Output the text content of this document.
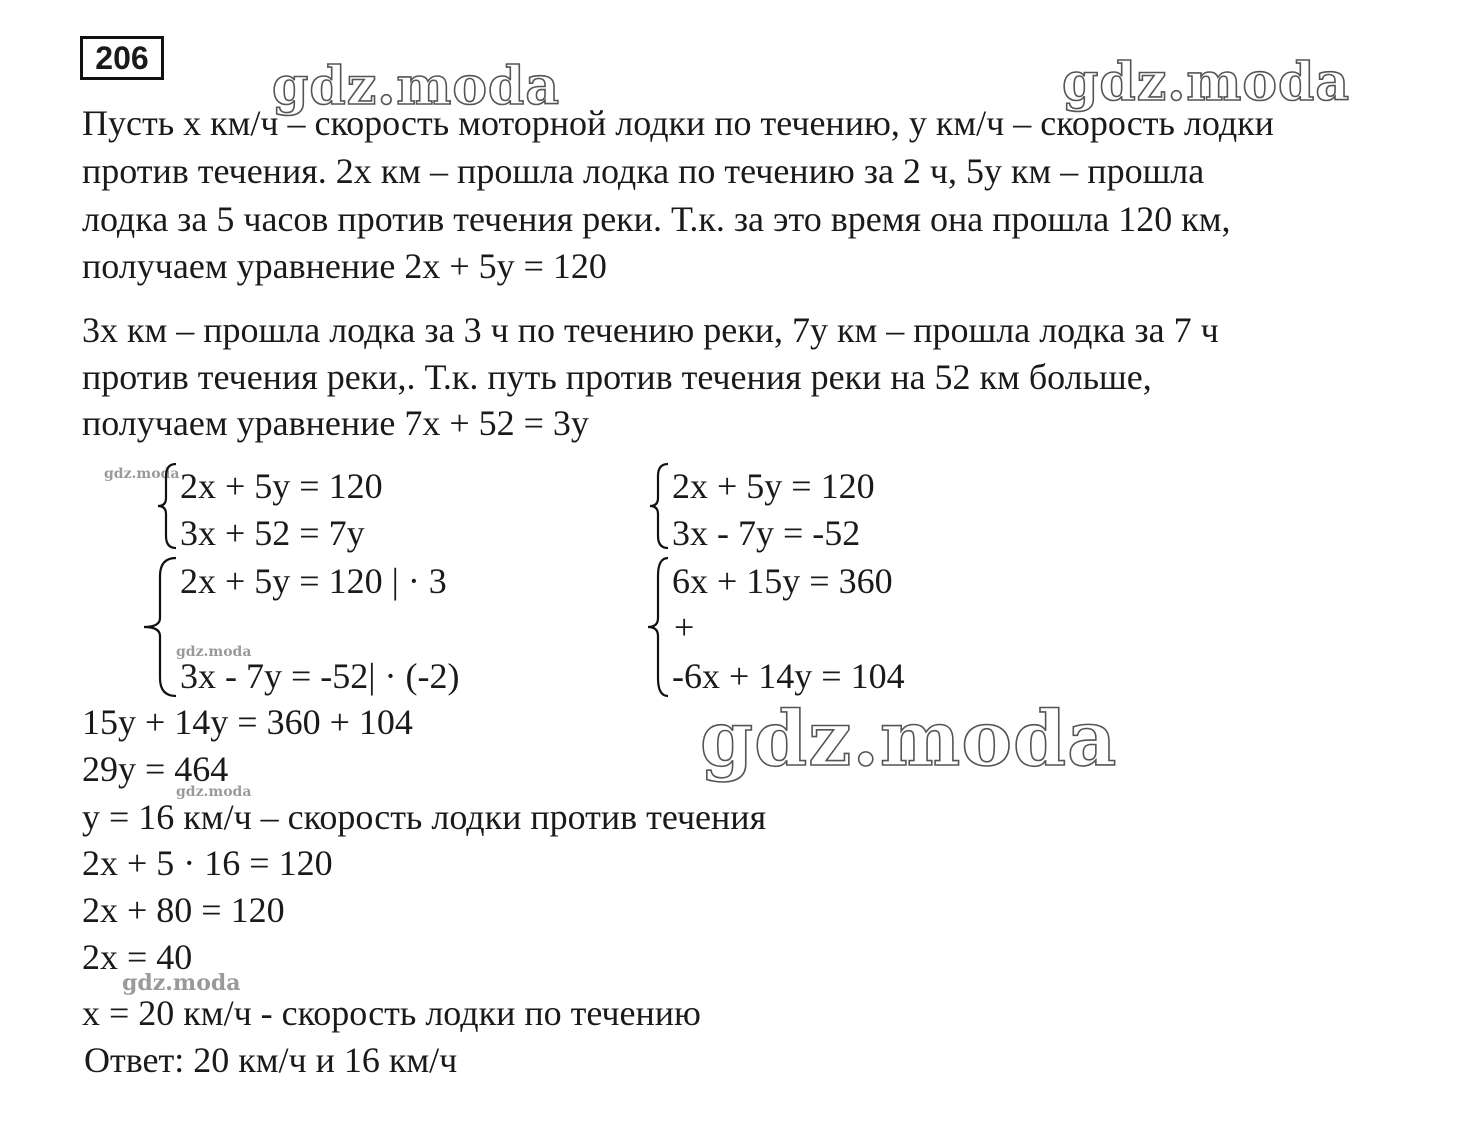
206 gdz.moda	gdz.moda
gdz.moda
gdz.moda
gdz.moda
gdz.moda
gdz.moda
Пусть х км/ч – скорость моторной лодки по течению, у км/ч – скорость лодки
против течения. 2х км – прошла лодка по течению за 2 ч, 5у км – прошла
лодка за 5 часов против течения реки. Т.к. за это время она прошла 120 км,
получаем уравнение 2х + 5у = 120
3х км – прошла лодка за 3 ч по течению реки, 7у км – прошла лодка за 7 ч
против течения реки,. Т.к. путь против течения реки на 52 км больше,
получаем уравнение 7х + 52 = 3у
2х + 5у = 120
3х + 52 = 7у
2х + 5у = 120
3х - 7у = -52
2х + 5у = 120 | · 3
3х - 7у = -52| · (-2)
6х + 15у = 360
+
-6х + 14у = 104
15у + 14у = 360 + 104
29у = 464
у = 16 км/ч – скорость лодки против течения
2х + 5 · 16 = 120
2х + 80 = 120
2х = 40
х = 20 км/ч - скорость лодки по течению
Ответ: 20 км/ч и 16 км/ч
